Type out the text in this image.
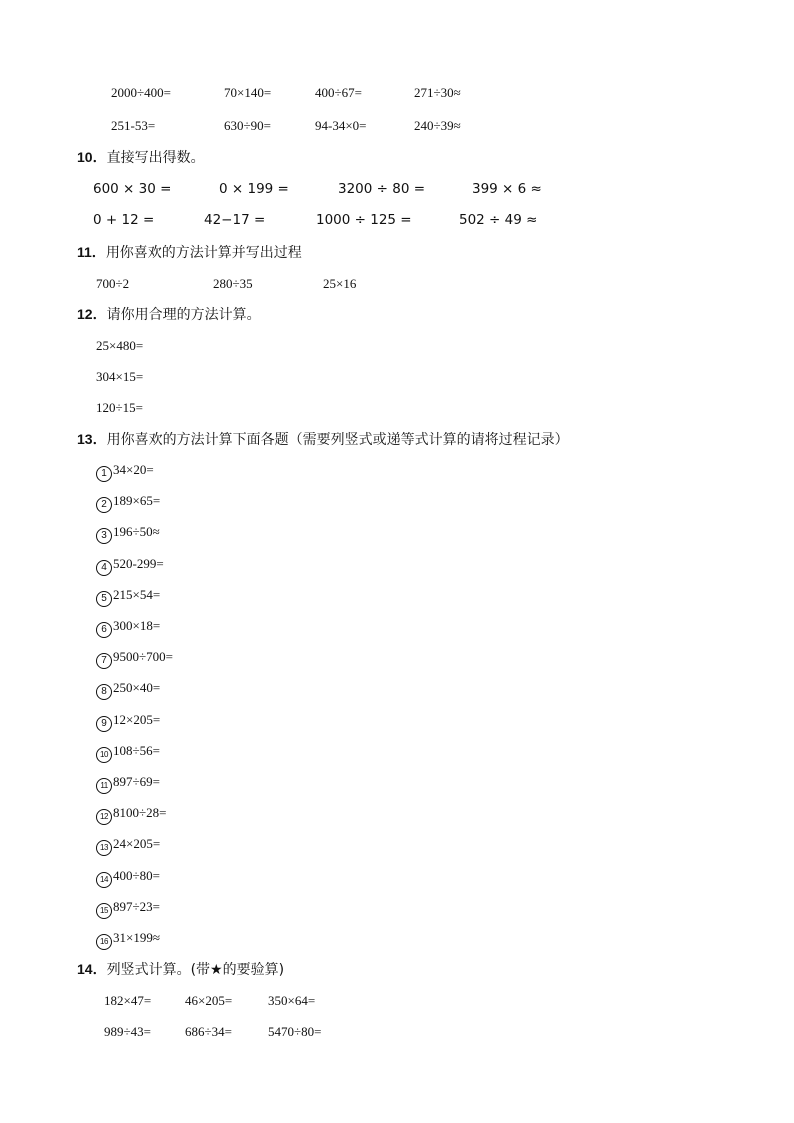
2000÷400=	70×140=	400÷67=	271÷30≈
251-53=	630÷90=	94-34×0=	240÷39≈
10．直接写出得数。
600 × 30 =	0 × 199 =	3200 ÷ 80 =	399 × 6 ≈
0 + 12 =	42−17 =	1000 ÷ 125 =	502 ÷ 49 ≈
11．用你喜欢的方法计算并写出过程
700÷2	280÷35	25×16
12．请你用合理的方法计算。
25×480=
304×15=
120÷15=
13．用你喜欢的方法计算下面各题（需要列竖式或递等式计算的请将过程记录）
1 34×20=
2 189×65=
3 196÷50≈
4 520-299=
5 215×54=
6 300×18=
7 9500÷700=
8 250×40=
9 12×205=
10 108÷56=
11 897÷69=
12 8100÷28=
13 24×205=
14 400÷80=
15 897÷23=
16 31×199≈
14．列竖式计算。(带★的要验算)
182×47=	46×205=	350×64=
989÷43=	686÷34=	5470÷80=
